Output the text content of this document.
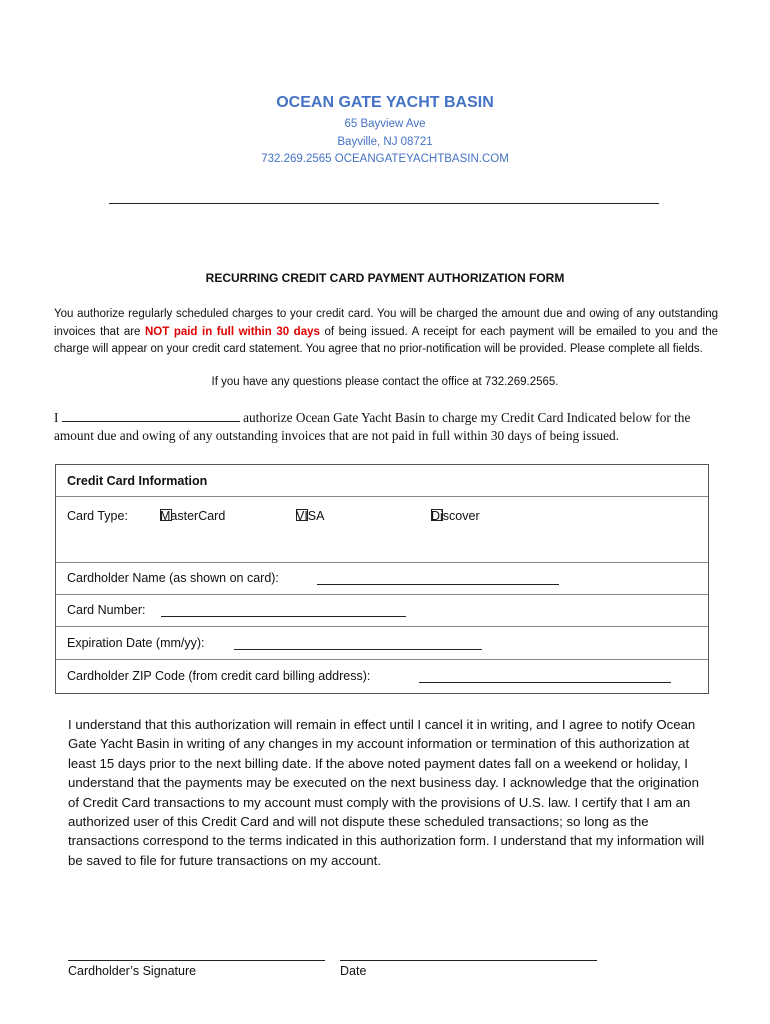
OCEAN GATE YACHT BASIN
65 Bayview Ave
Bayville, NJ 08721
732.269.2565 OCEANGATEYACHTBASIN.COM
RECURRING CREDIT CARD PAYMENT AUTHORIZATION FORM
You authorize regularly scheduled charges to your credit card. You will be charged the amount due and owing of any outstanding invoices that are NOT paid in full within 30 days of being issued. A receipt for each payment will be emailed to you and the charge will appear on your credit card statement. You agree that no prior-notification will be provided. Please complete all fields.
If you have any questions please contact the office at 732.269.2565.
I	authorize Ocean Gate Yacht Basin to charge my Credit Card Indicated below for the amount due and owing of any outstanding invoices that are not paid in full within 30 days of being issued.
Credit Card Information
Card Type:	MasterCard	VISA	Discover
Cardholder Name (as shown on card):
Card Number:
Expiration Date (mm/yy):
Cardholder ZIP Code (from credit card billing address):
I understand that this authorization will remain in effect until I cancel it in writing, and I agree to notify Ocean Gate Yacht Basin in writing of any changes in my account information or termination of this authorization at least 15 days prior to the next billing date. If the above noted payment dates fall on a weekend or holiday, I understand that the payments may be executed on the next business day. I acknowledge that the origination of Credit Card transactions to my account must comply with the provisions of U.S. law. I certify that I am an authorized user of this Credit Card and will not dispute these scheduled transactions; so long as the transactions correspond to the terms indicated in this authorization form. I understand that my information will be saved to file for future transactions on my account.
Cardholder’s Signature	Date
